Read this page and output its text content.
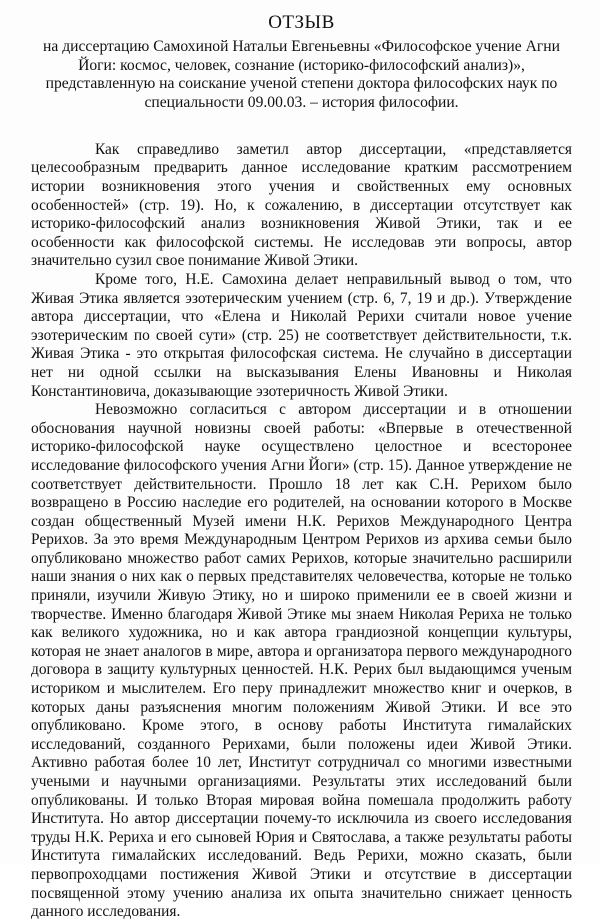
ОТЗЫВ
на диссертацию Самохиной Натальи Евгеньевны «Философское учение Агни
Йоги: космос, человек, сознание (историко-философский анализ)»,
представленную на соискание ученой степени доктора философских наук по
специальности 09.00.03. – история философии.

Как справедливо заметил автор диссертации, «представляется целесообразным предварить данное исследование кратким рассмотрением истории возникновения этого учения и свойственных ему основных особенностей» (стр. 19). Но, к сожалению, в диссертации отсутствует как историко-философский анализ возникновения Живой Этики, так и ее особенности как философской системы. Не исследовав эти вопросы, автор значительно сузил свое понимание Живой Этики.

Кроме того, Н.Е. Самохина делает неправильный вывод о том, что Живая Этика является эзотерическим учением (стр. 6, 7, 19 и др.). Утверждение автора диссертации, что «Елена и Николай Рерихи считали новое учение эзотерическим по своей сути» (стр. 25) не соответствует действительности, т.к. Живая Этика - это открытая философская система. Не случайно в диссертации нет ни одной ссылки на высказывания Елены Ивановны и Николая Константиновича, доказывающие эзотеричность Живой Этики.

Невозможно согласиться с автором диссертации и в отношении обоснования научной новизны своей работы: «Впервые в отечественной историко-философской науке осуществлено целостное и всесторонее исследование философского учения Агни Йоги» (стр. 15). Данное утверждение не соответствует действительности. Прошло 18 лет как С.Н. Рерихом было возвращено в Россию наследие его родителей, на основании которого в Москве создан общественный Музей имени Н.К. Рерихов Международного Центра Рерихов. За это время Международным Центром Рерихов из архива семьи было опубликовано множество работ самих Рерихов, которые значительно расширили наши знания о них как о первых представителях человечества, которые не только приняли, изучили Живую Этику, но и широко применили ее в своей жизни и творчестве. Именно благодаря Живой Этике мы знаем Николая Рериха не только как великого художника, но и как автора грандиозной концепции культуры, которая не знает аналогов в мире, автора и организатора первого международного договора в защиту культурных ценностей. Н.К. Рерих был выдающимся ученым историком и мыслителем. Его перу принадлежит множество книг и очерков, в которых даны разъяснения многим положениям Живой Этики. И все это опубликовано. Кроме этого, в основу работы Института гималайских исследований, созданного Рерихами, были положены идеи Живой Этики. Активно работая более 10 лет, Институт сотрудничал со многими известными учеными и научными организациями. Результаты этих исследований были опубликованы. И только Вторая мировая война помешала продолжить работу Института. Но автор диссертации почему-то исключила из своего исследования труды Н.К. Рериха и его сыновей Юрия и Святослава, а также результаты работы Института гималайских исследований. Ведь Рерихи, можно сказать, были первопроходцами постижения Живой Этики и отсутствие в диссертации посвященной этому учению анализа их опыта значительно снижает ценность данного исследования.
